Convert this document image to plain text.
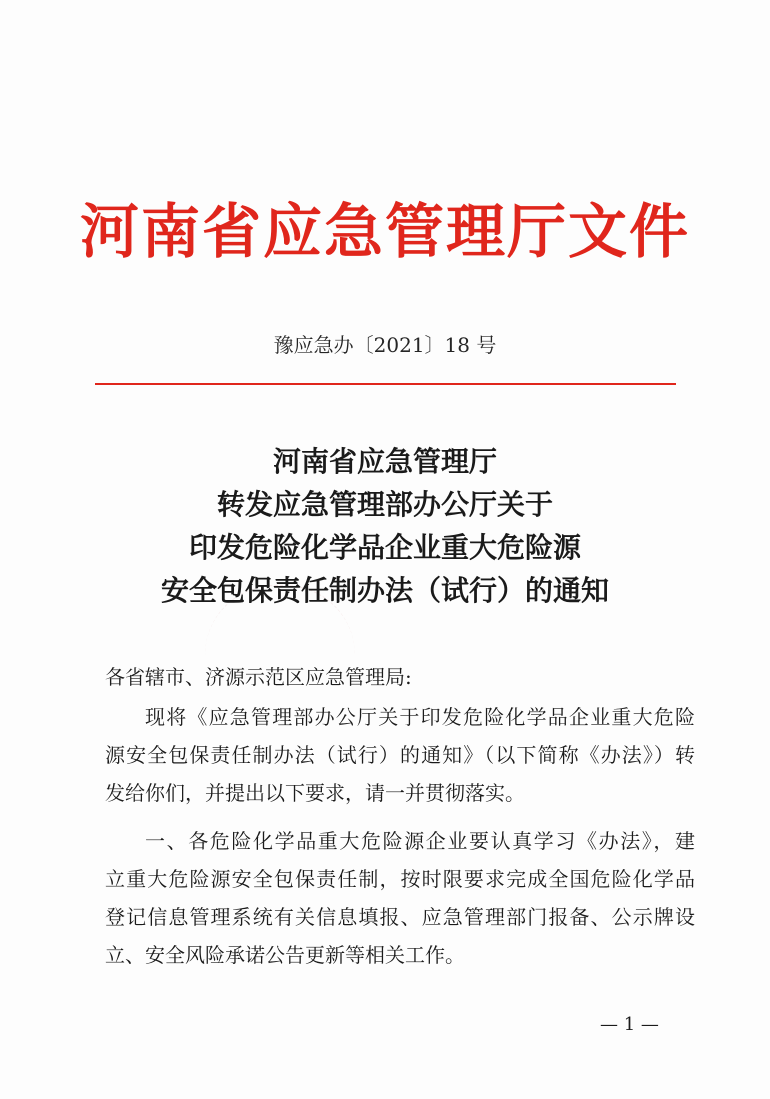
河南省应急管理厅文件
豫应急办〔2021〕18 号
河南省应急管理厅
转发应急管理部办公厅关于
印发危险化学品企业重大危险源
安全包保责任制办法（试行）的通知
各省辖市、济源示范区应急管理局:
现将《应急管理部办公厅关于印发危险化学品企业重大危险
源安全包保责任制办法（试行）的通知》（以下简称《办法》）转
发给你们，并提出以下要求，请一并贯彻落实。
一、各危险化学品重大危险源企业要认真学习《办法》，建
立重大危险源安全包保责任制，按时限要求完成全国危险化学品
登记信息管理系统有关信息填报、应急管理部门报备、公示牌设
立、安全风险承诺公告更新等相关工作。
— 1 —
